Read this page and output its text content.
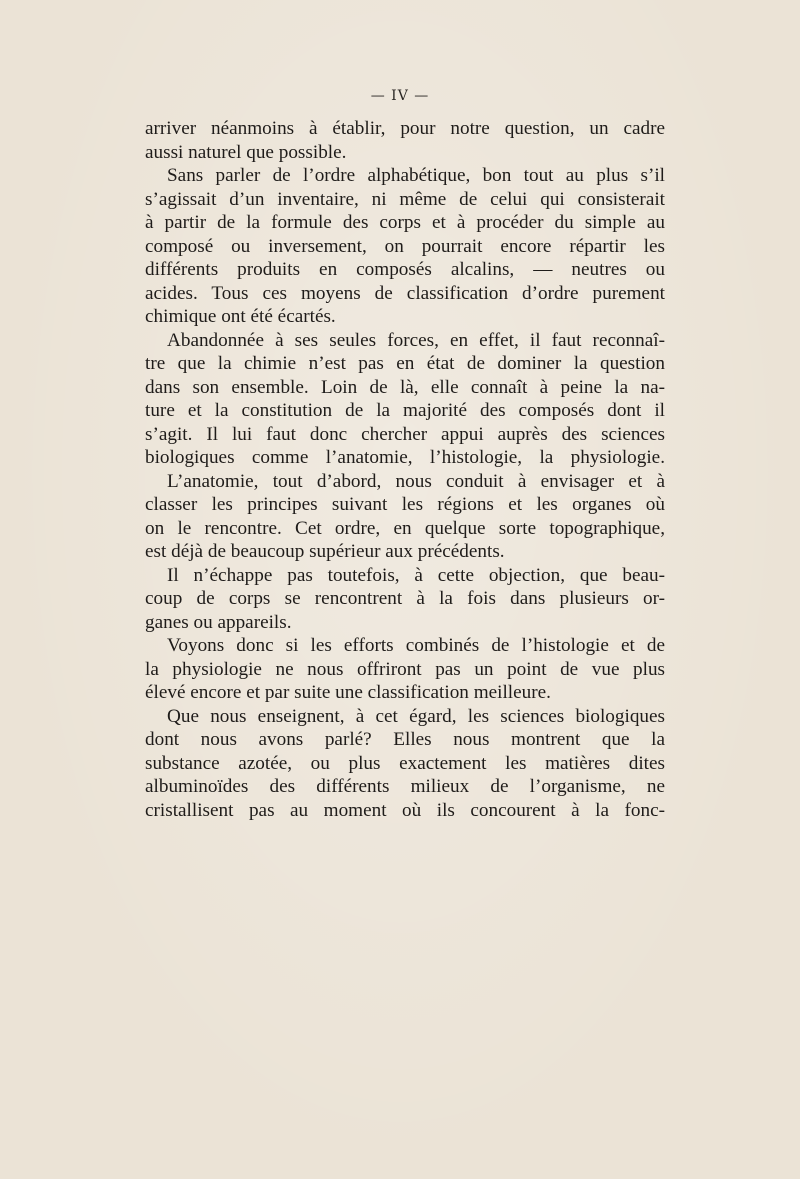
— IV —
arriver néanmoins à établir, pour notre question, un cadre
aussi naturel que possible.
Sans parler de l’ordre alphabétique, bon tout au plus s’il
s’agissait d’un inventaire, ni même de celui qui consisterait
à partir de la formule des corps et à procéder du simple au
composé ou inversement, on pourrait encore répartir les
différents produits en composés alcalins, — neutres ou
acides. Tous ces moyens de classification d’ordre purement
chimique ont été écartés.
Abandonnée à ses seules forces, en effet, il faut reconnaî-
tre que la chimie n’est pas en état de dominer la question
dans son ensemble. Loin de là, elle connaît à peine la na-
ture et la constitution de la majorité des composés dont il
s’agit. Il lui faut donc chercher appui auprès des sciences
biologiques comme l’anatomie, l’histologie, la physiologie.
L’anatomie, tout d’abord, nous conduit à envisager et à
classer les principes suivant les régions et les organes où
on le rencontre. Cet ordre, en quelque sorte topographique,
est déjà de beaucoup supérieur aux précédents.
Il n’échappe pas toutefois, à cette objection, que beau-
coup de corps se rencontrent à la fois dans plusieurs or-
ganes ou appareils.
Voyons donc si les efforts combinés de l’histologie et de
la physiologie ne nous offriront pas un point de vue plus
élevé encore et par suite une classification meilleure.
Que nous enseignent, à cet égard, les sciences biologiques
dont nous avons parlé? Elles nous montrent que la
substance azotée, ou plus exactement les matières dites
albuminoïdes des différents milieux de l’organisme, ne
cristallisent pas au moment où ils concourent à la fonc-
